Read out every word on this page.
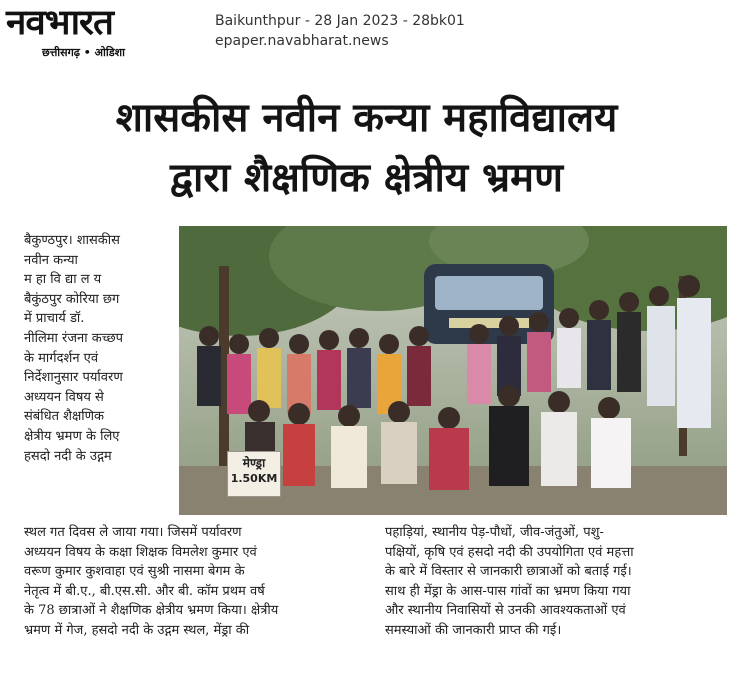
नवभारत
छत्तीसगढ़ • ओडिशा
Baikunthpur - 28 Jan 2023 - 28bk01
epaper.navabharat.news
शासकीस नवीन कन्या महाविद्यालय
द्वारा शैक्षणिक क्षेत्रीय भ्रमण
बैकुण्ठपुर। शासकीस
नवीन कन्या
म हा वि द्या ल य
बैकुंठपुर कोरिया छग
में प्राचार्य डॉ.
नीलिमा रंजना कच्छप
के मार्गदर्शन एवं
निर्देशानुसार पर्यावरण
अध्ययन विषय से
संबंधित शैक्षणिक
क्षेत्रीय भ्रमण के लिए
हसदो नदी के उद्गम	मेण्ड्रा
1.50KM
स्थल गत दिवस ले जाया गया। जिसमें पर्यावरण
अध्ययन विषय के कक्षा शिक्षक विमलेश कुमार एवं
वरूण कुमार कुशवाहा एवं सुश्री नासमा बेगम के
नेतृत्व में बी.ए., बी.एस.सी. और बी. कॉम प्रथम वर्ष
के 78 छात्राओं ने शैक्षणिक क्षेत्रीय भ्रमण किया। क्षेत्रीय
भ्रमण में गेज, हसदो नदी के उद्गम स्थल, मेंड्रा की
पहाड़ियां, स्थानीय पेड़-पौधों, जीव-जंतुओं, पशु-
पक्षियों, कृषि एवं हसदो नदी की उपयोगिता एवं महत्ता
के बारे में विस्तार से जानकारी छात्राओं को बताई गई।
साथ ही मेंड्रा के आस-पास गांवों का भ्रमण किया गया
और स्थानीय निवासियों से उनकी आवश्यकताओं एवं
समस्याओं की जानकारी प्राप्त की गई।
